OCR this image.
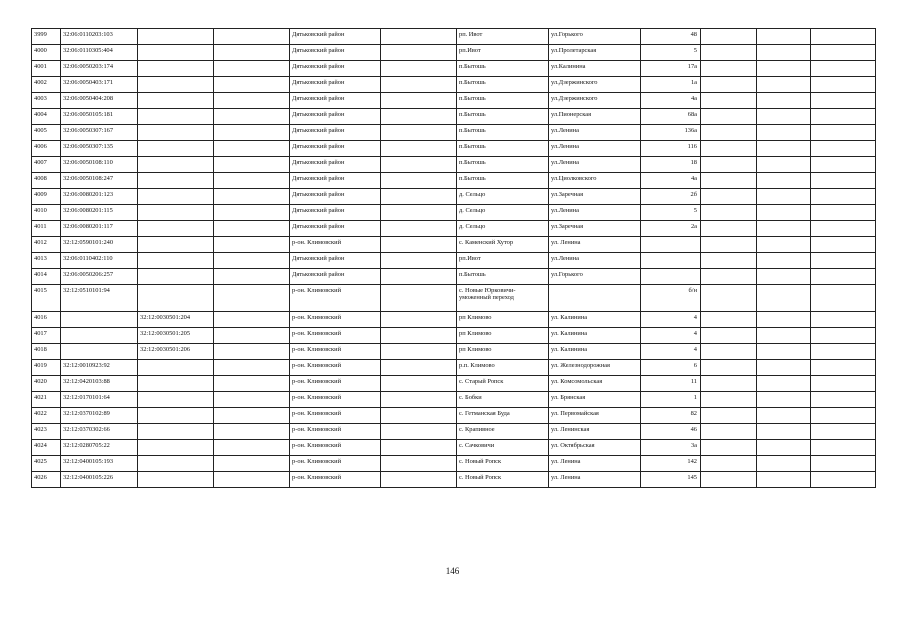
3999	32:06:0110203:103			Дятьковский район		рп. Ивот	ул.Горького	48			
4000	32:06:0110305:404			Дятьковский район		рп.Ивот	ул.Пролетарская	5			
4001	32:06:0050203:174			Дятьковский район		п.Бытошь	ул.Калинина	17а			
4002	32:06:0050403:171			Дятьковский район		п.Бытошь	ул.Дзержинского	1а			
4003	32:06:0050404:208			Дятьковский район		п.Бытошь	ул.Дзержинского	4а			
4004	32:06:0050105:181			Дятьковский район		п.Бытошь	ул.Пионерская	68а			
4005	32:06:0050307:167			Дятьковский район		п.Бытошь	ул.Ленина	136а			
4006	32:06:0050307:135			Дятьковский район		п.Бытошь	ул.Ленина	116			
4007	32:06:0050108:110			Дятьковский район		п.Бытошь	ул.Ленина	18			
4008	32:06:0050108:247			Дятьковский район		п.Бытошь	ул.Циолковского	4а			
4009	32:06:0080201:123			Дятьковский район		д. Сельцо	ул.Заречная	2б			
4010	32:06:0080201:115			Дятьковский район		д. Сельцо	ул.Ленина	5			
4011	32:06:0080201:117			Дятьковский район		д. Сельцо	ул.Заречная	2а			
4012	32:12:0590101:240			р-он. Климовский		с. Каменский Хутор	ул. Ленина				
4013	32:06:0110402:110			Дятьковский район		рп.Ивот	ул.Ленина				
4014	32:06:0050206:257			Дятьковский район		п.Бытошь	ул.Горького				
4015	32:12:0510101:94			р-он. Климовский		с. Новые Юрковичи-уможенный переход		б/н			
4016		32:12:0030501:204		р-он. Климовский		рп Климово	ул. Калинина	4			
4017		32:12:0030501:205		р-он. Климовский		рп Климово	ул. Калинина	4			
4018		32:12:0030501:206		р-он. Климовский		рп Климово	ул. Калинина	4			
4019	32:12:0010923:92			р-он. Климовский		р.п. Климово	ул. Железнодорожная	6			
4020	32:12:0420103:88			р-он. Климовский		с. Старый Ропск	ул. Комсомольская	11			
4021	32:12:0170101:64			р-он. Климовский		с. Бобки	ул. Брянская	1			
4022	32:12:0370102:89			р-он. Климовский		с. Гетманская Буда	ул. Первомайская	82			
4023	32:12:0370302:66			р-он. Климовский		с. Крапивное	ул. Ленинская	46			
4024	32:12:0280705:22			р-он. Климовский		с. Сачковичи	ул. Октябрьская	3а			
4025	32:12:0400105:193			р-он. Климовский		с. Новый Ропск	ул. Ленина	142			
4026	32:12:0400105:226			р-он. Климовский		с. Новый Ропск	ул. Ленина	145			
146
